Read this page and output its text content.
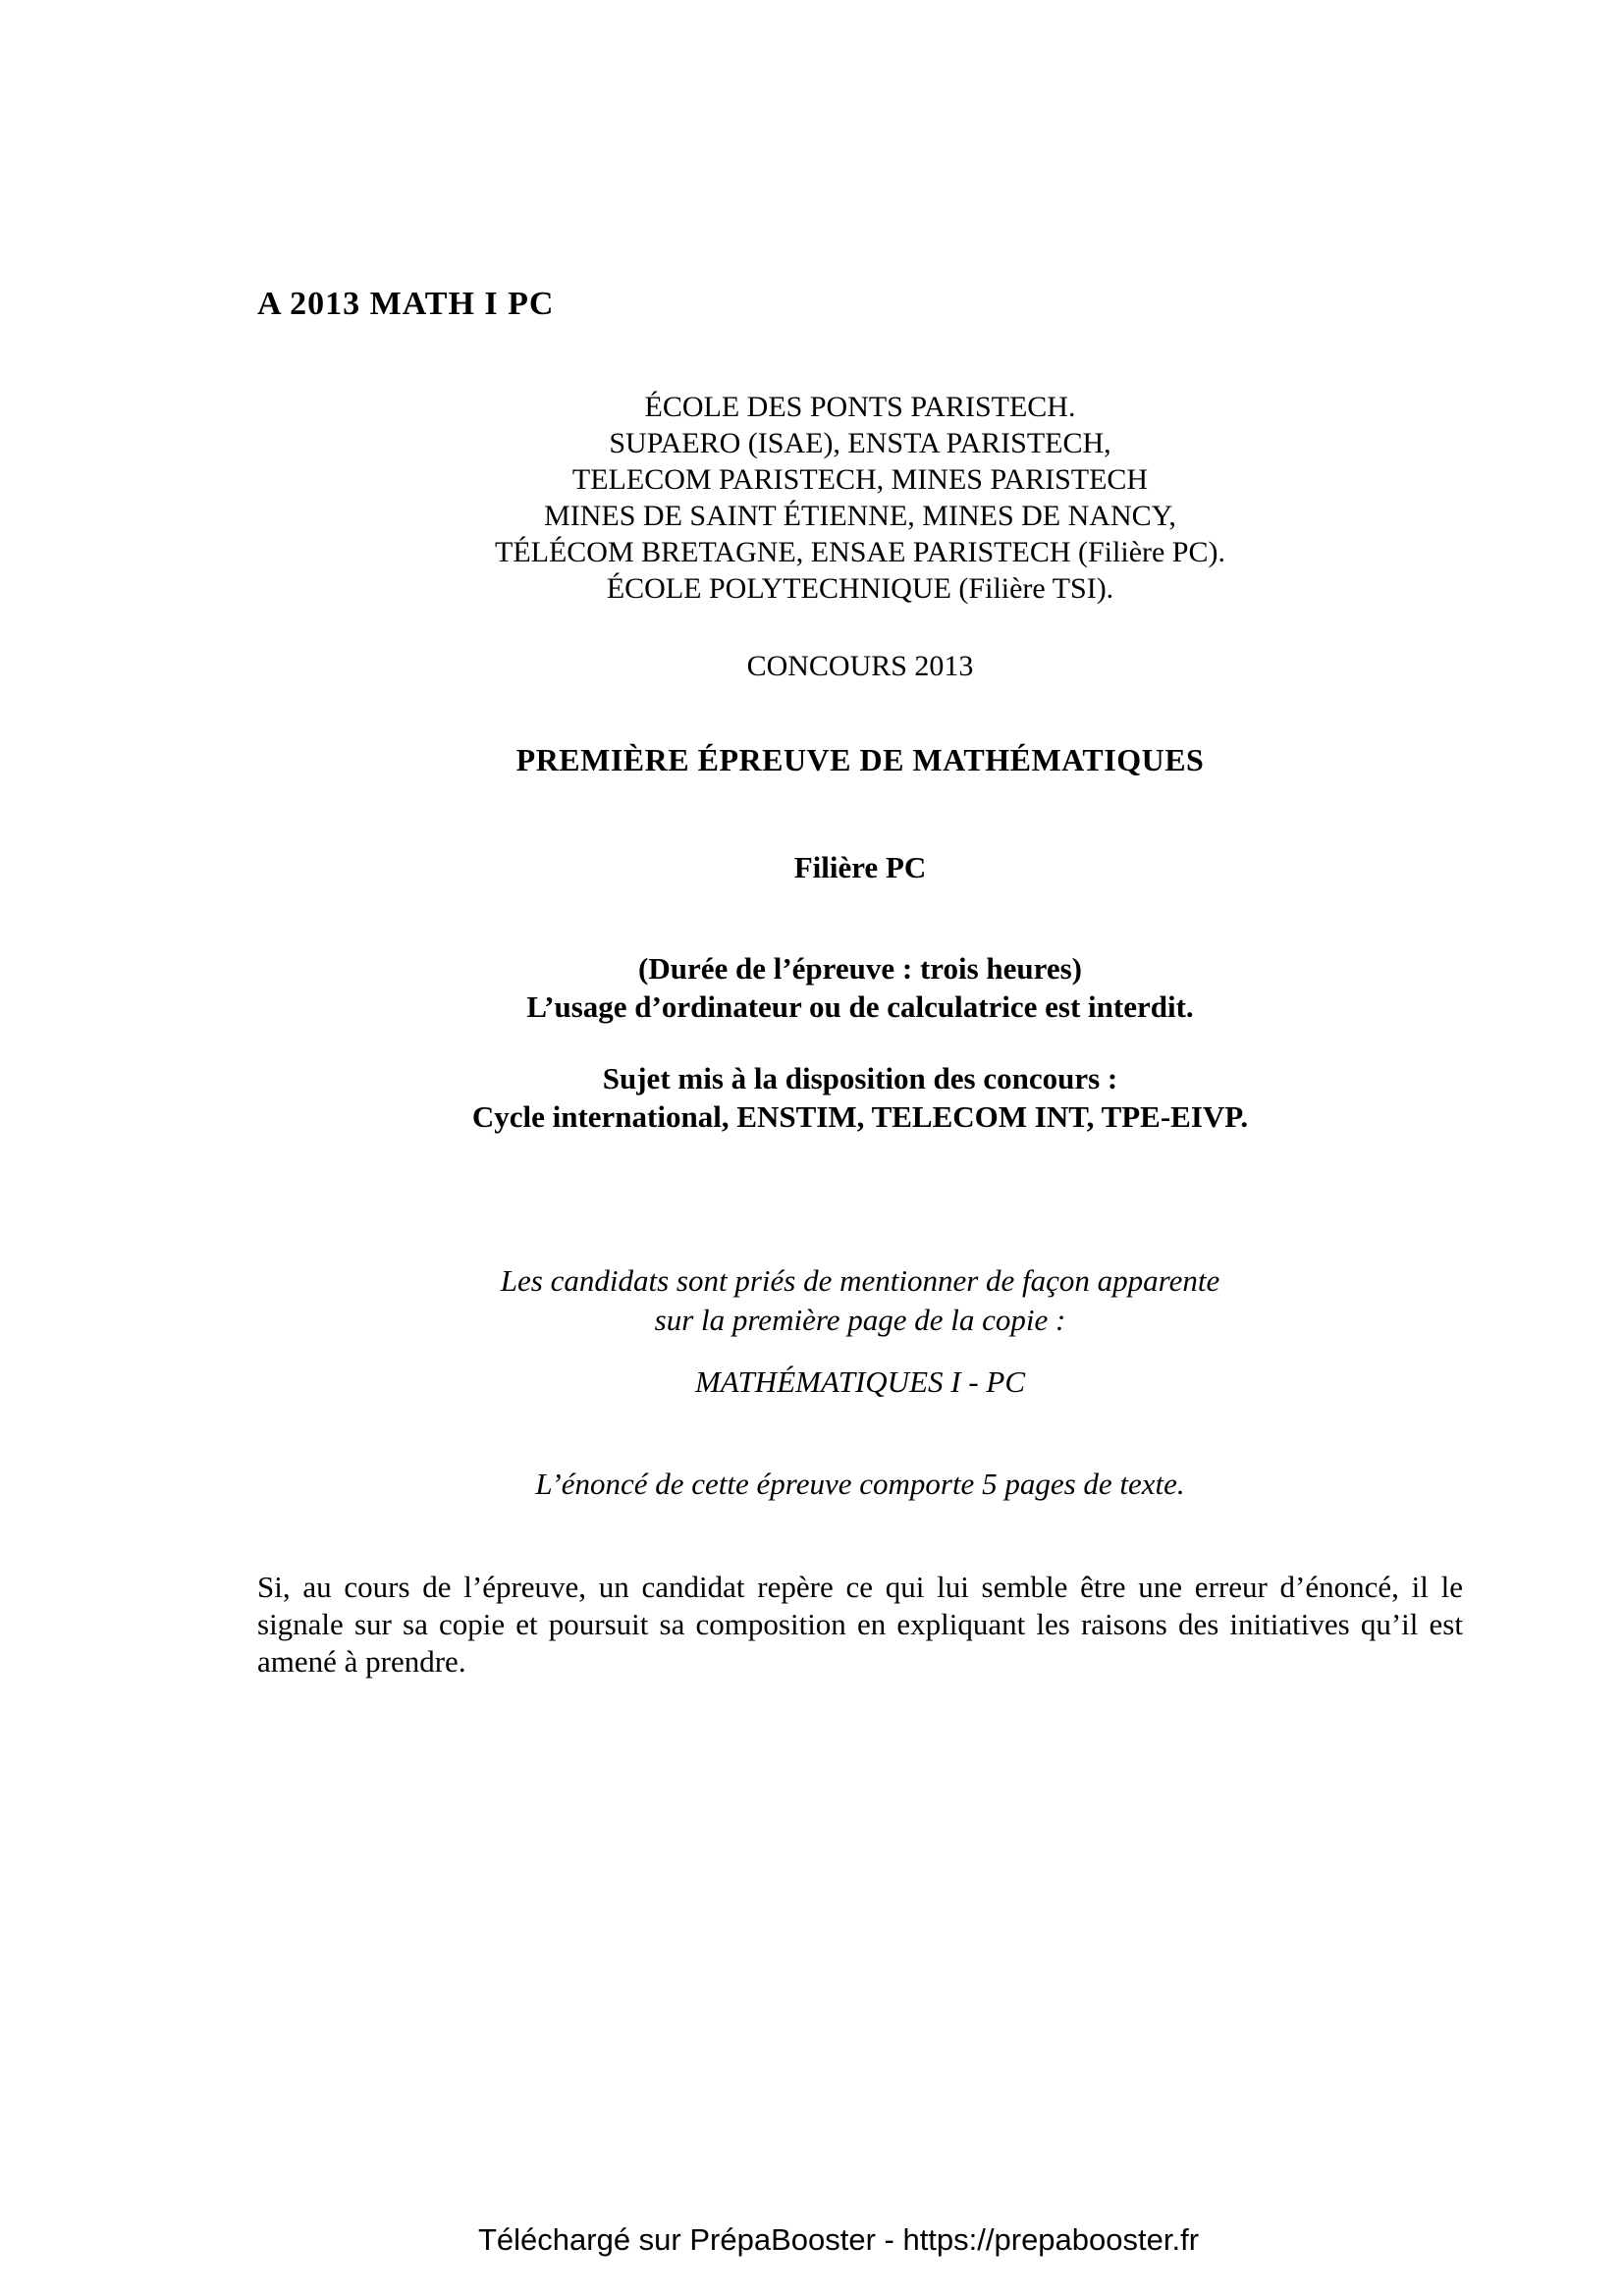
A 2013 MATH I PC
ÉCOLE DES PONTS PARISTECH.
SUPAERO (ISAE), ENSTA PARISTECH,
TELECOM PARISTECH, MINES PARISTECH
MINES DE SAINT ÉTIENNE, MINES DE NANCY,
TÉLÉCOM BRETAGNE, ENSAE PARISTECH (Filière PC).
ÉCOLE POLYTECHNIQUE (Filière TSI).
CONCOURS 2013
PREMIÈRE ÉPREUVE DE MATHÉMATIQUES
Filière PC
(Durée de l’épreuve : trois heures)
L’usage d’ordinateur ou de calculatrice est interdit.
Sujet mis à la disposition des concours :
Cycle international, ENSTIM, TELECOM INT, TPE-EIVP.
Les candidats sont priés de mentionner de façon apparente
sur la première page de la copie :
MATHÉMATIQUES I - PC
L’énoncé de cette épreuve comporte 5 pages de texte.
Si, au cours de l’épreuve, un candidat repère ce qui lui semble être une erreur d’énoncé, il le signale sur sa copie et poursuit sa composition en expliquant les raisons des initiatives qu’il est amené à prendre.
Téléchargé sur PrépaBooster - https://prepabooster.fr
